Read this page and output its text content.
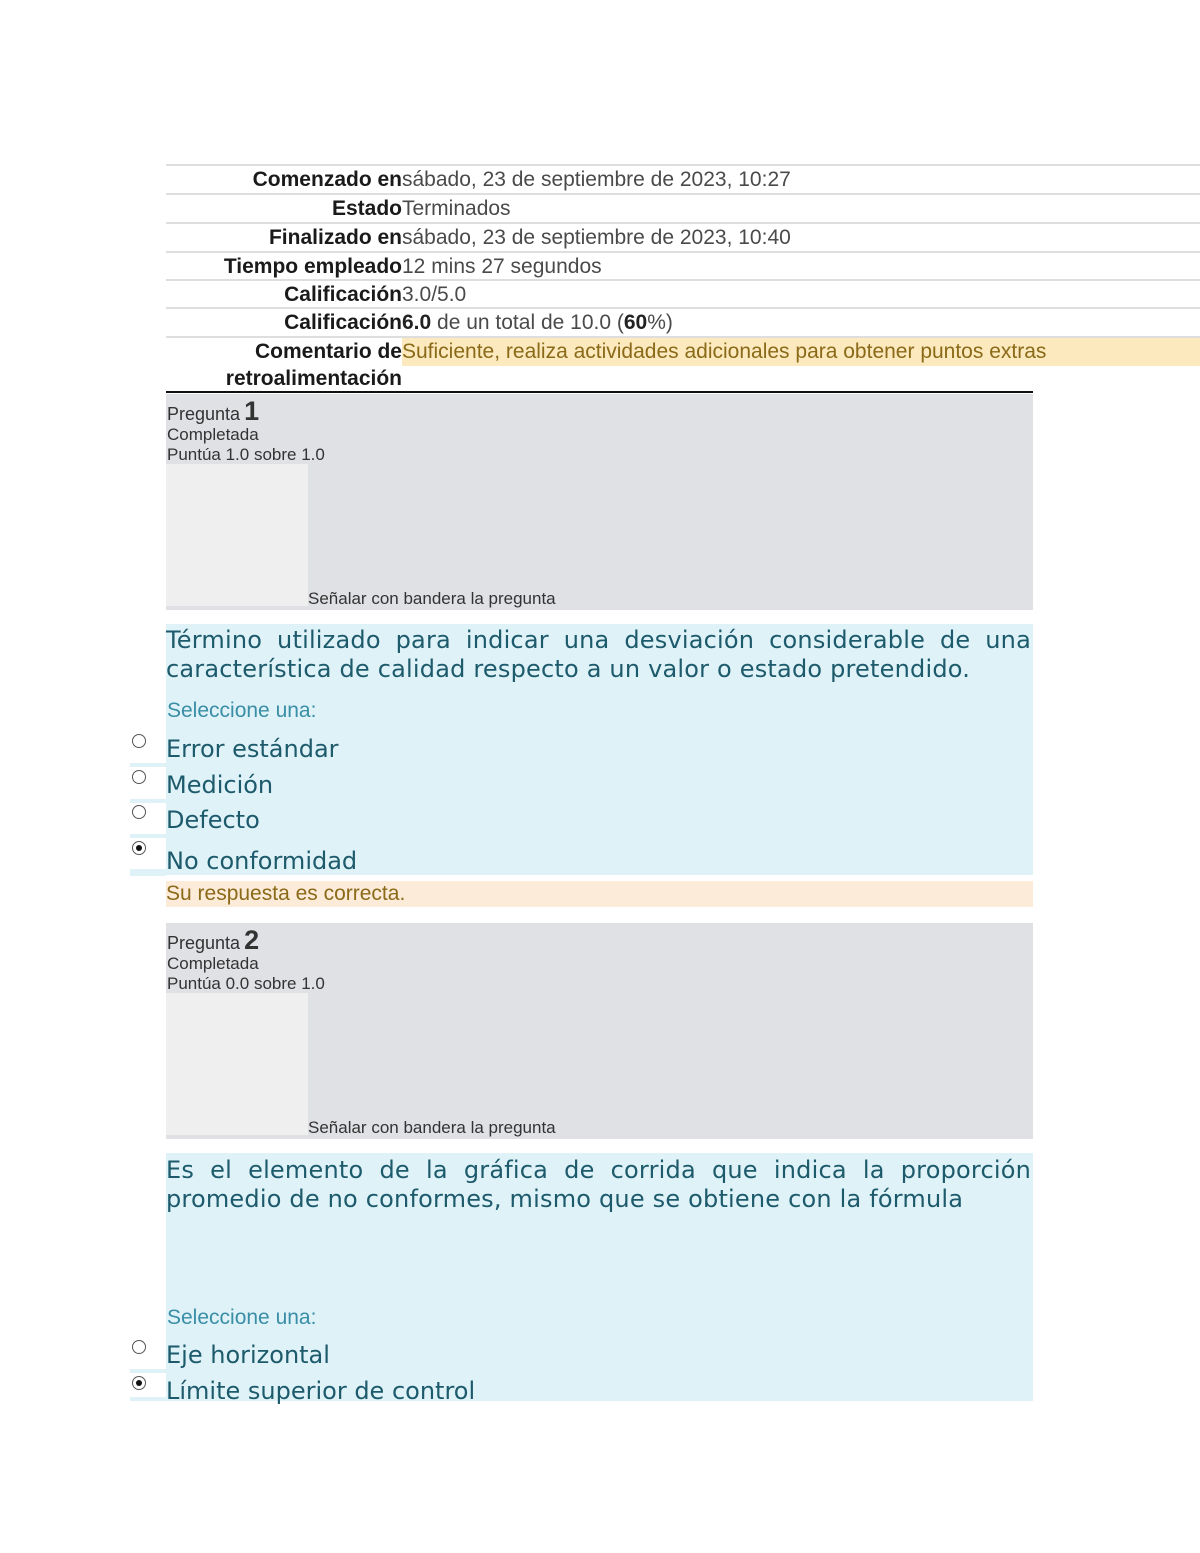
Comenzado en sábado, 23 de septiembre de 2023, 10:27
Estado Terminados
Finalizado en sábado, 23 de septiembre de 2023, 10:40
Tiempo empleado 12 mins 27 segundos
Calificación 3.0/5.0
Calificación 6.0 de un total de 10.0 (60%)
Comentario de
retroalimentación
Suficiente, realiza actividades adicionales para obtener puntos extras
Pregunta 1
Completada
Puntúa 1.0 sobre 1.0
Señalar con bandera la pregunta
Término utilizado para indicar una desviación considerable de una característica de calidad respecto a un valor o estado pretendido.
Seleccione una:
Error estándar
Medición
Defecto
No conformidad
Su respuesta es correcta.
Pregunta 2
Completada
Puntúa 0.0 sobre 1.0
Señalar con bandera la pregunta
Es el elemento de la gráfica de corrida que indica la proporción promedio de no conformes, mismo que se obtiene con la fórmula
Seleccione una:
Eje horizontal
Límite superior de control
